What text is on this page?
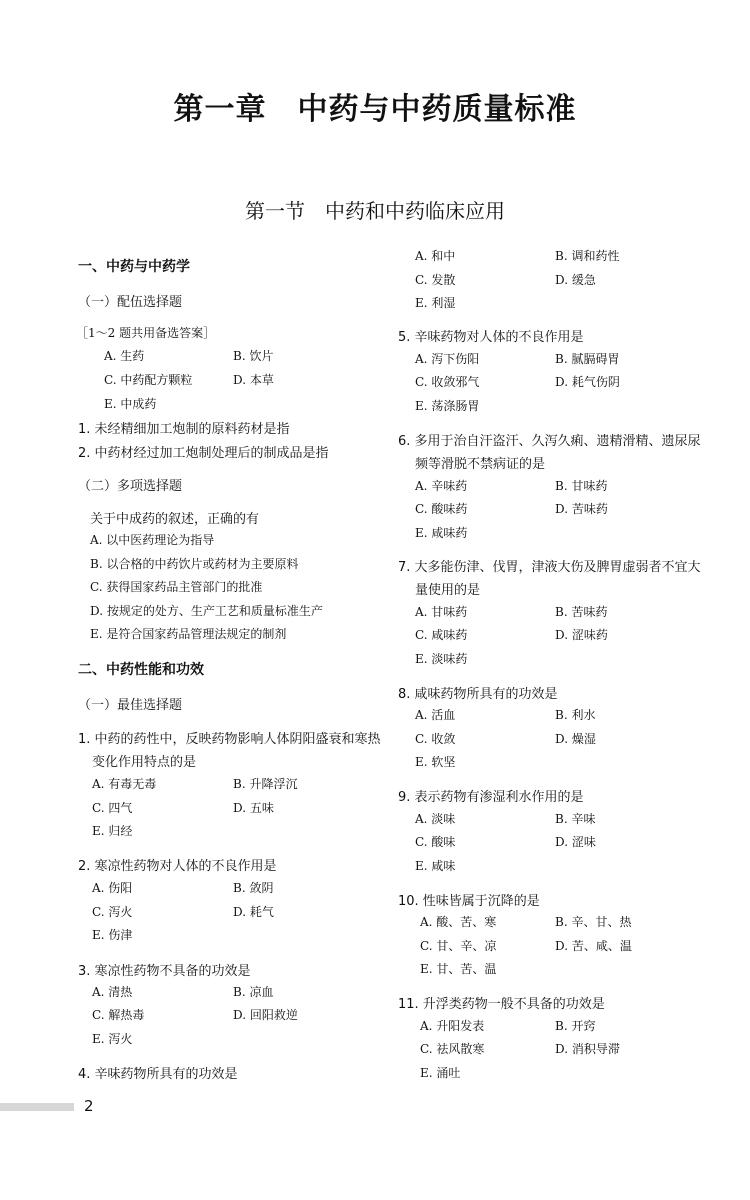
第一章　中药与中药质量标准
第一节　中药和中药临床应用
一、中药与中药学
（一）配伍选择题
［1～2 题共用备选答案］
A. 生药	B. 饮片
C. 中药配方颗粒	D. 本草
E. 中成药
1. 未经精细加工炮制的原料药材是指
2. 中药材经过加工炮制处理后的制成品是指
（二）多项选择题
关于中成药的叙述，正确的有
A. 以中医药理论为指导
B. 以合格的中药饮片或药材为主要原料
C. 获得国家药品主管部门的批准
D. 按规定的处方、生产工艺和质量标准生产
E. 是符合国家药品管理法规定的制剂
二、中药性能和功效
（一）最佳选择题
1. 中药的药性中，反映药物影响人体阴阳盛衰和寒热
变化作用特点的是
A. 有毒无毒	B. 升降浮沉
C. 四气	D. 五味
E. 归经
2. 寒凉性药物对人体的不良作用是
A. 伤阳	B. 敛阴
C. 泻火	D. 耗气
E. 伤津
3. 寒凉性药物不具备的功效是
A. 清热	B. 凉血
C. 解热毒	D. 回阳救逆
E. 泻火
4. 辛味药物所具有的功效是
A. 和中	B. 调和药性
C. 发散	D. 缓急
E. 利湿
5. 辛味药物对人体的不良作用是
A. 泻下伤阳	B. 腻膈碍胃
C. 收敛邪气	D. 耗气伤阴
E. 荡涤肠胃
6. 多用于治自汗盗汗、久泻久痢、遗精滑精、遗尿尿
频等滑脱不禁病证的是
A. 辛味药	B. 甘味药
C. 酸味药	D. 苦味药
E. 咸味药
7. 大多能伤津、伐胃，津液大伤及脾胃虚弱者不宜大
量使用的是
A. 甘味药	B. 苦味药
C. 咸味药	D. 涩味药
E. 淡味药
8. 咸味药物所具有的功效是
A. 活血	B. 利水
C. 收敛	D. 燥湿
E. 软坚
9. 表示药物有渗湿利水作用的是
A. 淡味	B. 辛味
C. 酸味	D. 涩味
E. 咸味
10. 性味皆属于沉降的是
A. 酸、苦、寒	B. 辛、甘、热
C. 甘、辛、凉	D. 苦、咸、温
E. 甘、苦、温
11. 升浮类药物一般不具备的功效是
A. 升阳发表	B. 开窍
C. 祛风散寒	D. 消积导滞
E. 涌吐
2
